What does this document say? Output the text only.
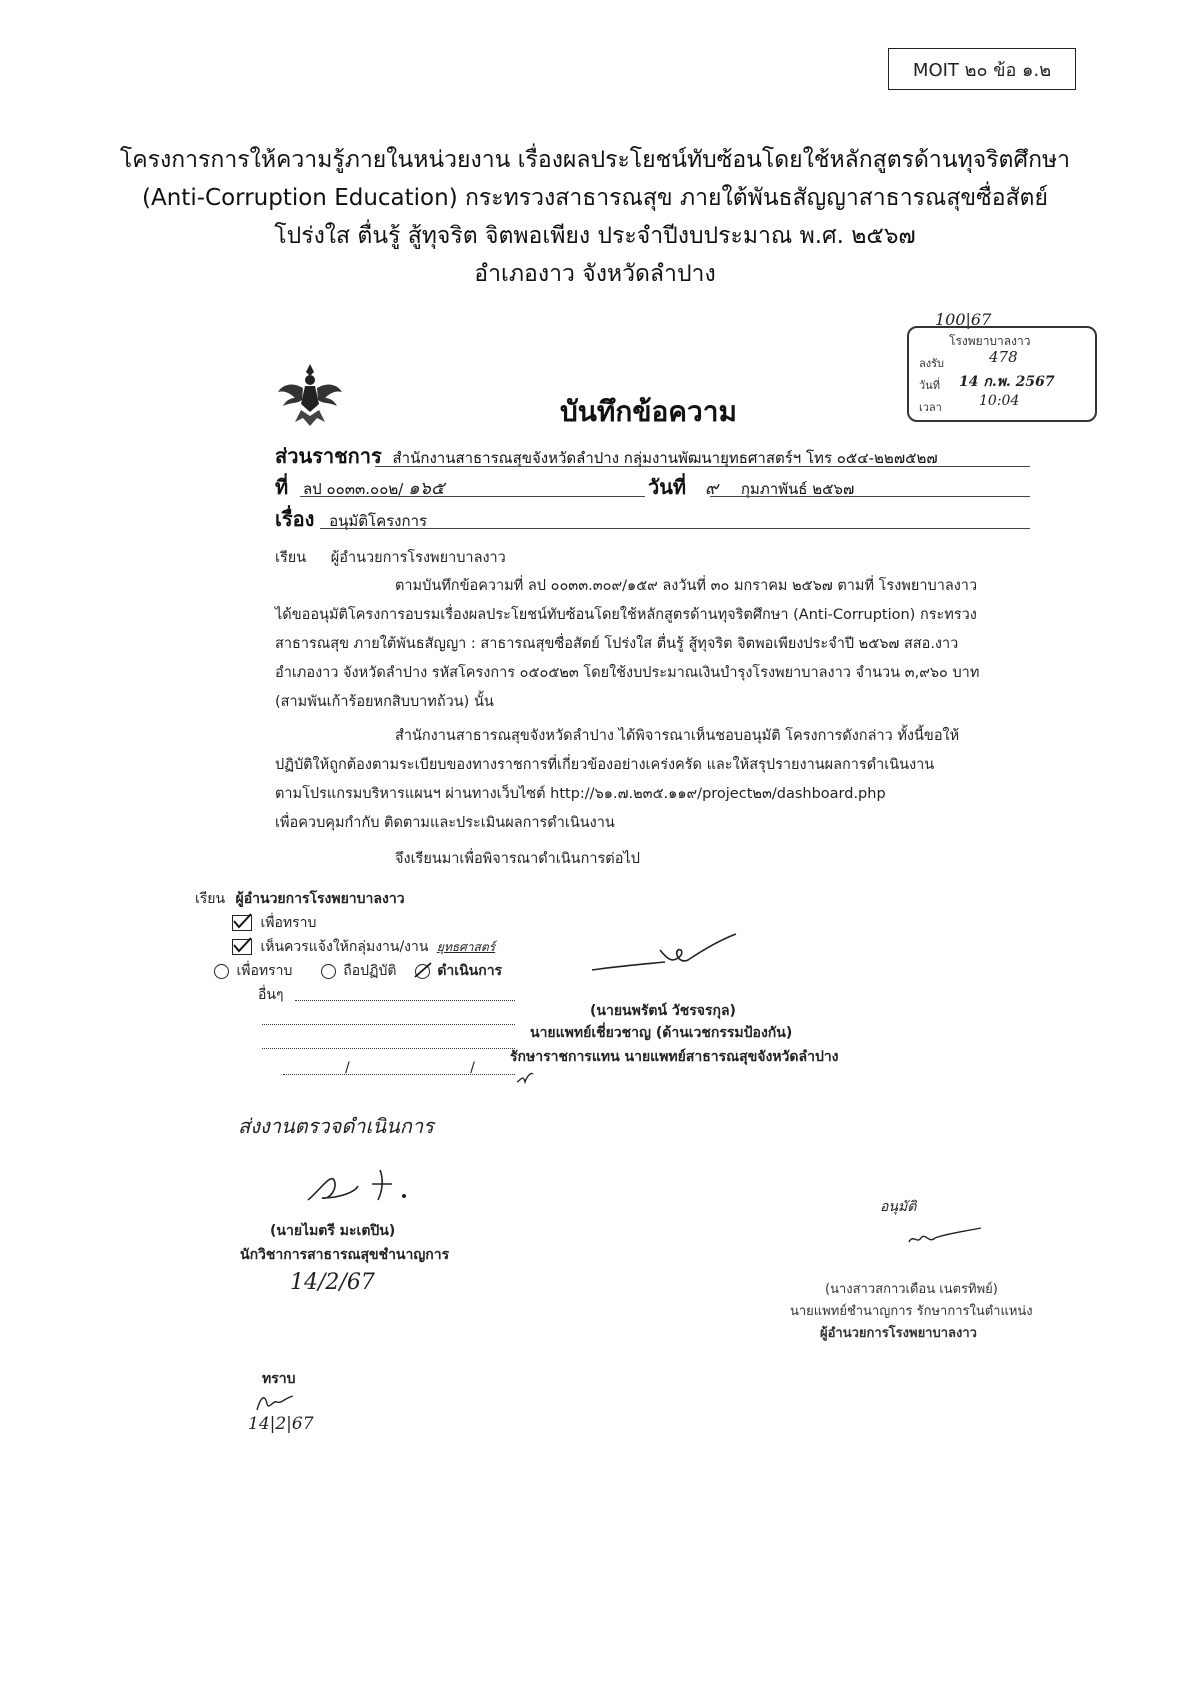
MOIT ๒๐ ข้อ ๑.๒
โครงการการให้ความรู้ภายในหน่วยงาน เรื่องผลประโยชน์ทับซ้อนโดยใช้หลักสูตรด้านทุจริตศึกษา
(Anti-Corruption Education) กระทรวงสาธารณสุข ภายใต้พันธสัญญาสาธารณสุขซื่อสัตย์
โปร่งใส ตื่นรู้ สู้ทุจริต จิตพอเพียง ประจำปีงบประมาณ พ.ศ. ๒๕๖๗
อำเภองาว จังหวัดลำปาง
100|67
โรงพยาบาลงาว
ลงรับ	478
วันที่ 14 ก.พ. 2567
เวลา	10:04
บันทึกข้อความ
ส่วนราชการ สำนักงานสาธารณสุขจังหวัดลำปาง กลุ่มงานพัฒนายุทธศาสตร์ฯ โทร ๐๕๔-๒๒๗๕๒๗
ที่ ลป ๐๐๓๓.๐๐๒/ ๑๖๕	วันที่ ๙ กุมภาพันธ์ ๒๕๖๗
เรื่อง อนุมัติโครงการ
เรียน ผู้อำนวยการโรงพยาบาลงาว
ตามบันทึกข้อความที่ ลป ๐๐๓๓.๓๐๙/๑๕๙ ลงวันที่ ๓๐ มกราคม ๒๕๖๗ ตามที่ โรงพยาบาลงาว
ได้ขออนุมัติโครงการอบรมเรื่องผลประโยชน์ทับซ้อนโดยใช้หลักสูตรด้านทุจริตศึกษา (Anti-Corruption) กระทรวง
สาธารณสุข ภายใต้พันธสัญญา : สาธารณสุขซื่อสัตย์ โปร่งใส ตื่นรู้ สู้ทุจริต จิตพอเพียงประจำปี ๒๕๖๗ สสอ.งาว
อำเภองาว จังหวัดลำปาง รหัสโครงการ ๐๕๐๕๒๓ โดยใช้งบประมาณเงินบำรุงโรงพยาบาลงาว จำนวน ๓,๙๖๐ บาท
(สามพันเก้าร้อยหกสิบบาทถ้วน) นั้น
สำนักงานสาธารณสุขจังหวัดลำปาง ได้พิจารณาเห็นชอบอนุมัติ โครงการดังกล่าว ทั้งนี้ขอให้
ปฏิบัติให้ถูกต้องตามระเบียบของทางราชการที่เกี่ยวข้องอย่างเคร่งครัด และให้สรุปรายงานผลการดำเนินงาน
ตามโปรแกรมบริหารแผนฯ ผ่านทางเว็บไซต์ http://๖๑.๗.๒๓๕.๑๑๙/project๒๓/dashboard.php
เพื่อควบคุมกำกับ ติดตามและประเมินผลการดำเนินงาน
จึงเรียนมาเพื่อพิจารณาดำเนินการต่อไป
เรียน ผู้อำนวยการโรงพยาบาลงาว
เพื่อทราบ
เห็นควรแจ้งให้กลุ่มงาน/งาน ยุทธศาสตร์
เพื่อทราบ	ถือปฏิบัติ	ดำเนินการ
อื่นๆ
/ /
(นายนพรัตน์ วัชรจรกุล)
นายแพทย์เชี่ยวชาญ (ด้านเวชกรรมป้องกัน)
รักษาราชการแทน นายแพทย์สาธารณสุขจังหวัดลำปาง
ส่งงานตรวจดำเนินการ
(นายไมตรี มะเตปิน)
นักวิชาการสาธารณสุขชำนาญการ
14/2/67
อนุมัติ
(นางสาวสกาวเดือน เนตรทิพย์)
นายแพทย์ชำนาญการ รักษาการในตำแหน่ง
ผู้อำนวยการโรงพยาบาลงาว
ทราบ
14|2|67
